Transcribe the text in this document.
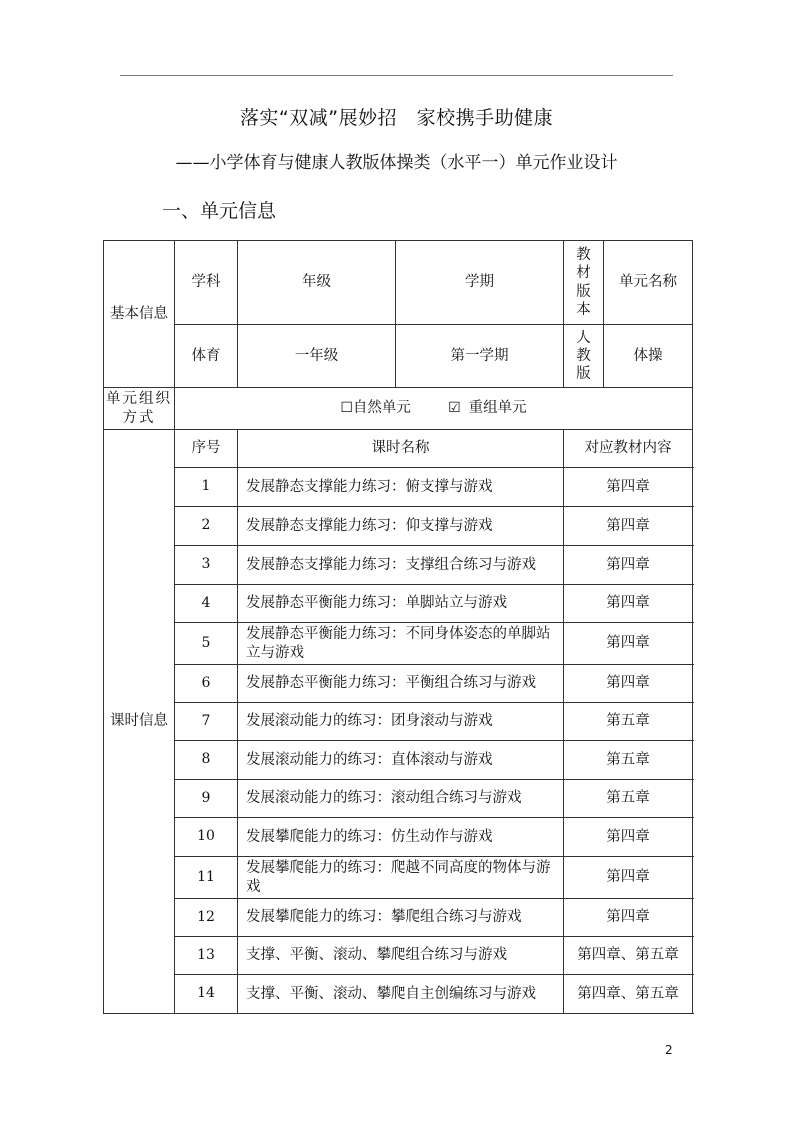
落实“双减”展妙招　家校携手助健康
——小学体育与健康人教版体操类（水平一）单元作业设计
一、单元信息
基本信息	学科	年级	学期	教
材
版
本	单元名称
	体育	一年级	第一学期	人
教
版	体操
单元组织方式	☐自然单元 ☑ 重组单元				
课时信息	序号	课时名称		对应教材内容	
	1	发展静态支撑能力练习：俯支撑与游戏		第四章	
	2	发展静态支撑能力练习：仰支撑与游戏		第四章	
	3	发展静态支撑能力练习：支撑组合练习与游戏		第四章	
	4	发展静态平衡能力练习：单脚站立与游戏		第四章	
	5	发展静态平衡能力练习：不同身体姿态的单脚站立与游戏		第四章	
	6	发展静态平衡能力练习：平衡组合练习与游戏		第四章	
	7	发展滚动能力的练习：团身滚动与游戏		第五章	
	8	发展滚动能力的练习：直体滚动与游戏		第五章	
	9	发展滚动能力的练习：滚动组合练习与游戏		第五章	
	10	发展攀爬能力的练习：仿生动作与游戏		第四章	
	11	发展攀爬能力的练习：爬越不同高度的物体与游戏		第四章	
	12	发展攀爬能力的练习：攀爬组合练习与游戏		第四章	
	13	支撑、平衡、滚动、攀爬组合练习与游戏		第四章、第五章	
	14	支撑、平衡、滚动、攀爬自主创编练习与游戏		第四章、第五章	
2
